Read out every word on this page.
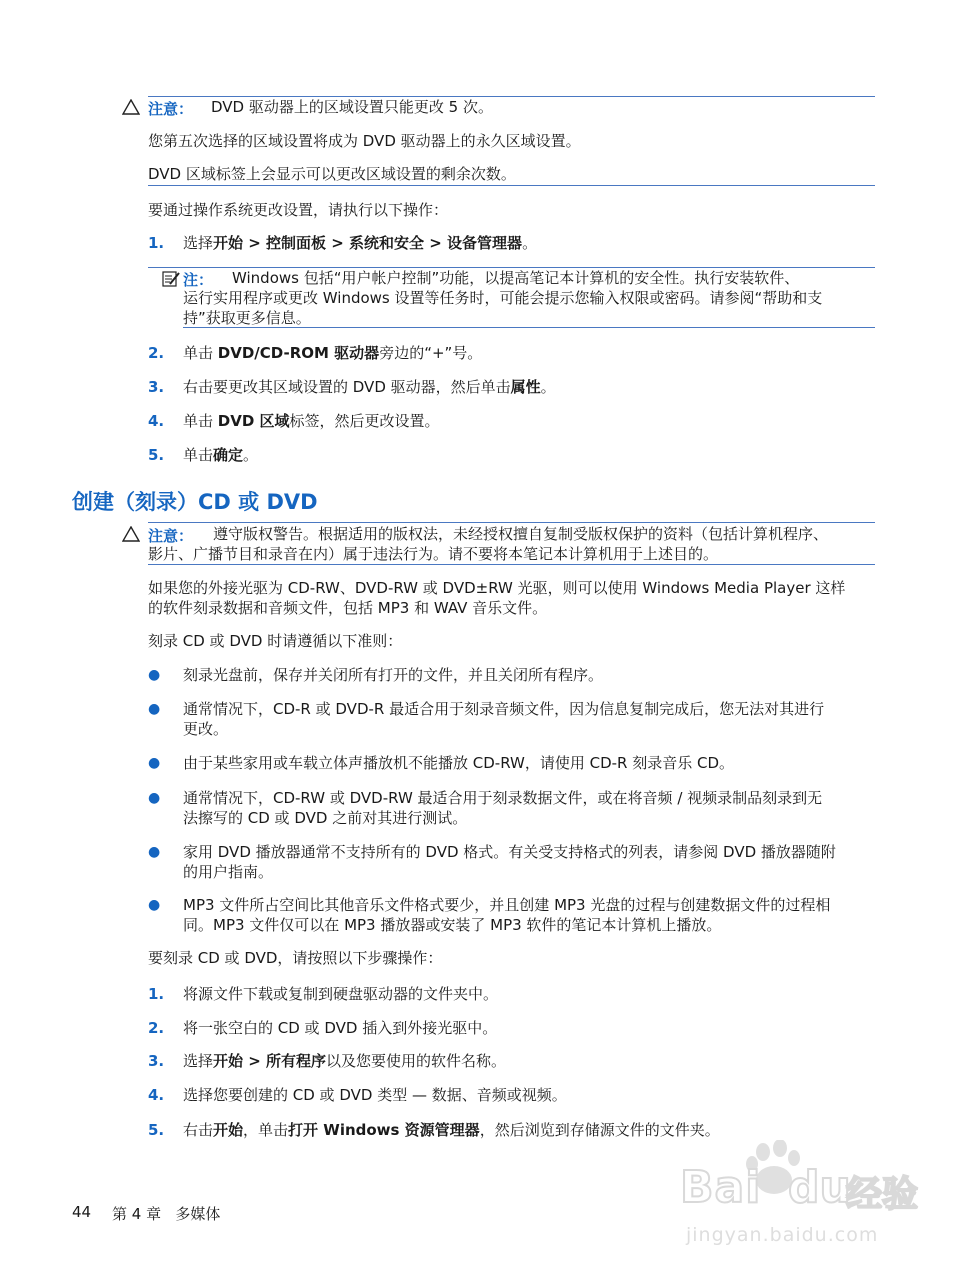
注意： DVD 驱动器上的区域设置只能更改 5 次。
您第五次选择的区域设置将成为 DVD 驱动器上的永久区域设置。
DVD 区域标签上会显示可以更改区域设置的剩余次数。
要通过操作系统更改设置，请执行以下操作：
1. 选择开始 > 控制面板 > 系统和安全 > 设备管理器。
注： Windows 包括“用户帐户控制”功能，以提高笔记本计算机的安全性。执行安装软件、
运行实用程序或更改 Windows 设置等任务时，可能会提示您输入权限或密码。请参阅“帮助和支
持”获取更多信息。
2. 单击 DVD/CD-ROM 驱动器旁边的“+”号。
3. 右击要更改其区域设置的 DVD 驱动器，然后单击属性。
4. 单击 DVD 区域标签，然后更改设置。
5. 单击确定。
创建（刻录）CD 或 DVD
注意： 遵守版权警告。根据适用的版权法，未经授权擅自复制受版权保护的资料（包括计算机程序、
影片、广播节目和录音在内）属于违法行为。请不要将本笔记本计算机用于上述目的。
如果您的外接光驱为 CD-RW、DVD-RW 或 DVD±RW 光驱，则可以使用 Windows Media Player 这样
的软件刻录数据和音频文件，包括 MP3 和 WAV 音乐文件。
刻录 CD 或 DVD 时请遵循以下准则：
● 刻录光盘前，保存并关闭所有打开的文件，并且关闭所有程序。
● 通常情况下，CD-R 或 DVD-R 最适合用于刻录音频文件，因为信息复制完成后，您无法对其进行
更改。
● 由于某些家用或车载立体声播放机不能播放 CD-RW，请使用 CD-R 刻录音乐 CD。
● 通常情况下，CD-RW 或 DVD-RW 最适合用于刻录数据文件，或在将音频 / 视频录制品刻录到无
法擦写的 CD 或 DVD 之前对其进行测试。
● 家用 DVD 播放器通常不支持所有的 DVD 格式。有关受支持格式的列表，请参阅 DVD 播放器随附
的用户指南。
● MP3 文件所占空间比其他音乐文件格式要少，并且创建 MP3 光盘的过程与创建数据文件的过程相
同。MP3 文件仅可以在 MP3 播放器或安装了 MP3 软件的笔记本计算机上播放。
要刻录 CD 或 DVD，请按照以下步骤操作：
1. 将源文件下载或复制到硬盘驱动器的文件夹中。
2. 将一张空白的 CD 或 DVD 插入到外接光驱中。
3. 选择开始 > 所有程序以及您要使用的软件名称。
4. 选择您要创建的 CD 或 DVD 类型 — 数据、音频或视频。
5. 右击开始，单击打开 Windows 资源管理器，然后浏览到存储源文件的文件夹。
44 第 4 章   多媒体
Bai du
经验
jingyan.baidu.com
